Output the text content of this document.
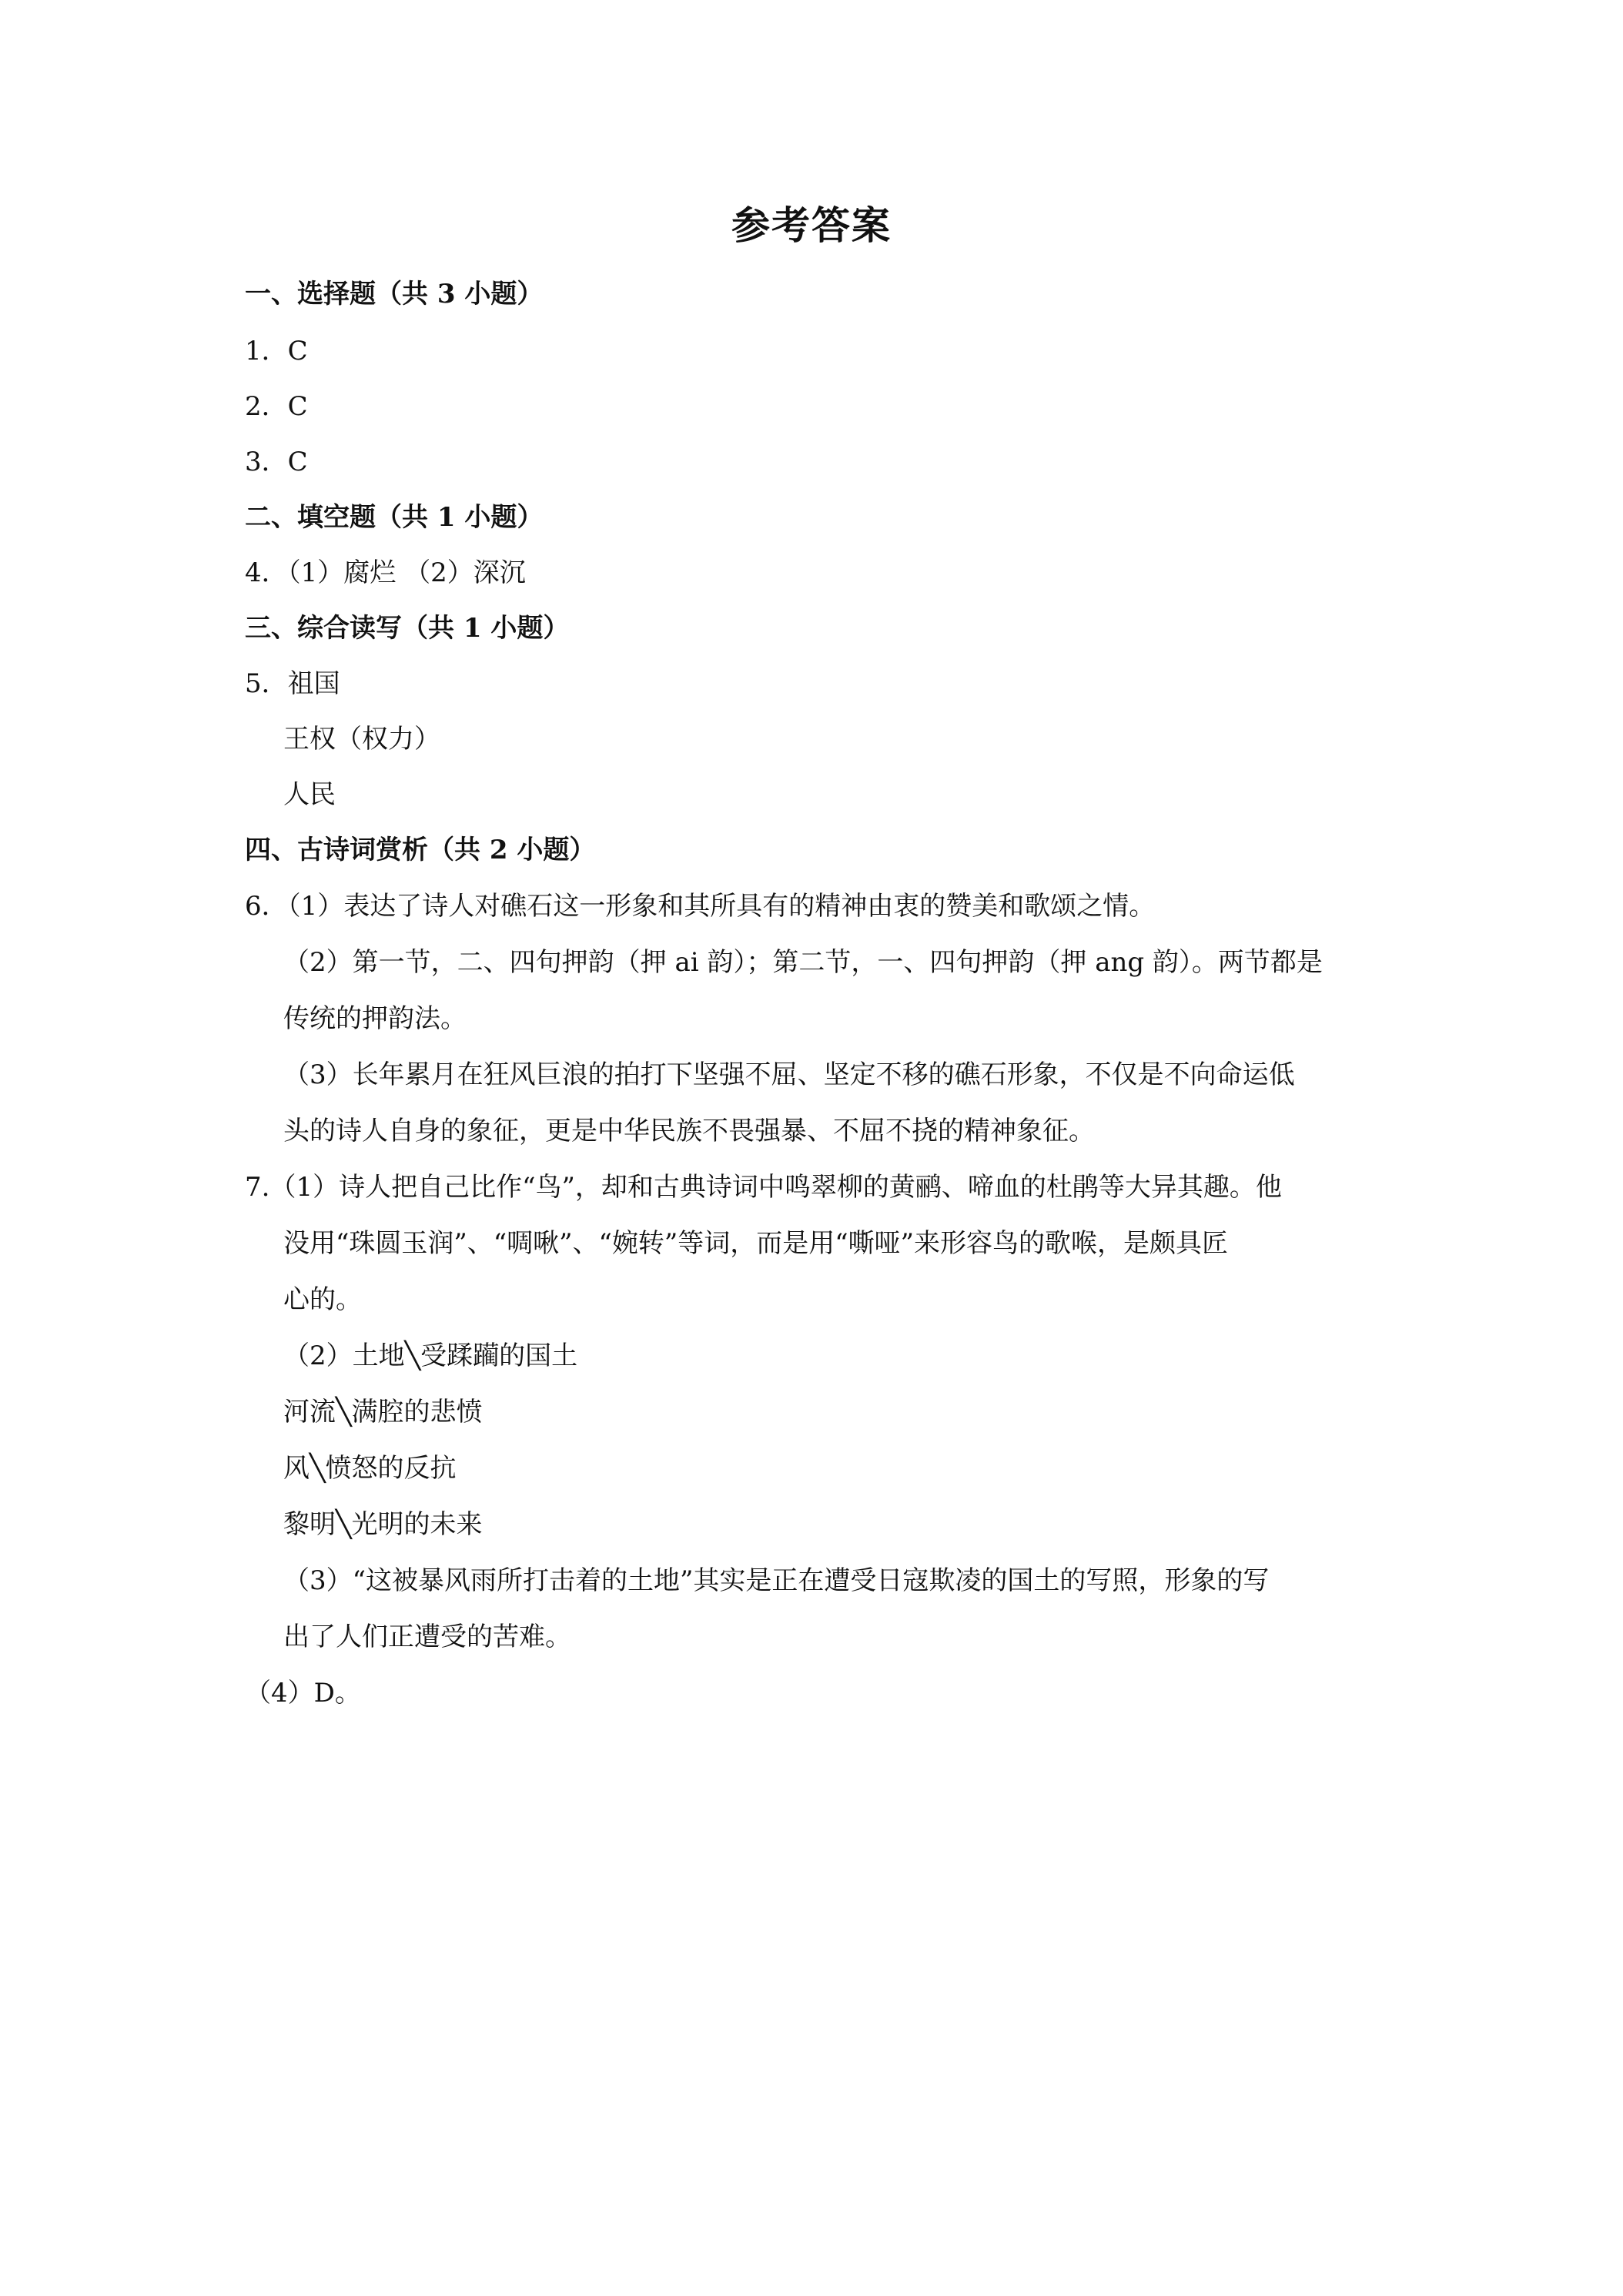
参考答案
一、选择题（共 3 小题）
1．C
2．C
3．C
二、填空题（共 1 小题）
4．（1）腐烂 （2）深沉
三、综合读写（共 1 小题）
5．祖国
王权（权力）
人民
四、古诗词赏析（共 2 小题）
6．（1）表达了诗人对礁石这一形象和其所具有的精神由衷的赞美和歌颂之情。
（2）第一节，二、四句押韵（押 ai 韵）；第二节，一、四句押韵（押 ang 韵）。两节都是
传统的押韵法。
（3）长年累月在狂风巨浪的拍打下坚强不屈、坚定不移的礁石形象，不仅是不向命运低
头的诗人自身的象征，更是中华民族不畏强暴、不屈不挠的精神象征。
7.（1）诗人把自己比作“鸟”，却和古典诗词中鸣翠柳的黄鹂、啼血的杜鹃等大异其趣。他
没用“珠圆玉润”、“啁啾”、“婉转”等词，而是用“嘶哑”来形容鸟的歌喉，是颇具匠
心的。
（2）土地╲受蹂躏的国土
河流╲满腔的悲愤
风╲愤怒的反抗
黎明╲光明的未来
（3）“这被暴风雨所打击着的土地”其实是正在遭受日寇欺凌的国土的写照，形象的写
出了人们正遭受的苦难。
（4）D。
